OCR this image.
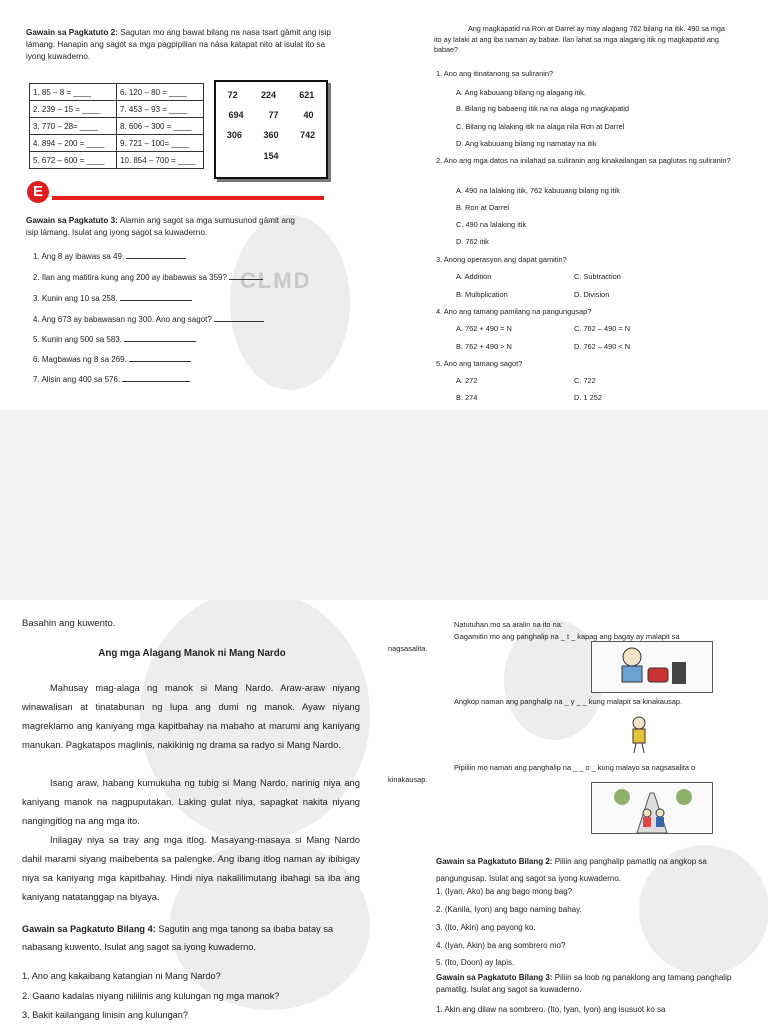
CLMD
Gawain sa Pagkatuto 2: Sagutan mo ang bawat bilang na nasa tsart gāmit ang isip lámang. Hanapin ang sagot sa mga pagpipilian na nása katapat nito at isulat ito sa iyong kuwaderno.
1. 85 – 8 = ____	6. 120 – 80 = ____
2. 239 – 15 = ____	7. 453 – 93 = ____
3. 770 – 28= ____	8. 606 – 300 = ____
4. 894 – 200 = ____	9. 721 – 100= ____
5. 672 – 600 = ____	10. 854 – 700 = ____
72	224	621
694	77	40
306 360 742
154
E
Gawain sa Pagkatuto 3: Alamin ang sagot sa mga sumusunod gāmit ang isip lámang. Isulat ang iyong sagot sa kuwaderno.
1. Ang 8 ay ibawas sa 49.
2. Ilan ang matitira kung ang 200 ay ibabawas sa 359?
3. Kunin ang 10 sa 258.
4. Ang 673 ay babawasan ng 300. Ano ang sagot?
5. Kunin ang 500 sa 583.
6. Magbawas ng 8 sa 269.
7. Alisin ang 400 sa 576.
Ang magkapatid na Ron at Darrel ay may alagang 762 bilang na itik. 490 sa mga ito ay lalaki at ang iba naman ay babae. Ilan lahat sa mga alagang itik ng magkapatid ang babae?
1. Ano ang itinatanong sa suliranin?
A. Ang kabuuang bilang ng alagang itik.
B. Bilang ng babaeng itik na na alaga ng magkapatid
C. Bilang ng lalaking itik na alaga nila Ron at Darrel
D. Ang kabuuang bilang ng namatay na itik
2. Ano ang mga datos na inilahad sa suliranin ang kinakailangan sa paglutas ng suliranin?
A. 490 na lalaking itik, 762 kabuuang bilang ng itik
B. Ron at Darrel
C. 490 na lalaking itik
D. 762 itik
3. Anong operasyon ang dapat gamitin?
A. Addition	C. Subtraction
B. Multiplication	D. Division
4. Ano ang tamang pamilang na pangungusap?
A. 762 + 490 = N	C. 762 – 490 = N
B. 762 + 490 > N	D. 762 – 490 < N
5. Ano ang tamang sagot?
A. 272	C. 722
B. 274	D. 1 252
Basahin ang kuwento.
Ang mga Alagang Manok ni Mang Nardo
Mahusay mag-alaga ng manok si Mang Nardo. Araw-araw niyang winawalisan at tinatabunan ng lupa ang dumi ng manok. Ayaw niyang magreklamo ang kaniyang mga kapitbahay na mabaho at marumi ang kaniyang manukan. Pagkatapos maglinis, nakikinig ng drama sa radyo si Mang Nardo.
Isang araw, habang kumukuha ng tubig si Mang Nardo, narinig niya ang kaniyang manok na nagpuputakan. Laking gulat niya, sapagkat nakita niyang nangingitlog na ang mga ito.
Inilagay niya sa tray ang mga itlog. Masayang-masaya si Mang Nardo dahil marami siyang maibebenta sa palengke. Ang ibang itlog naman ay ibibigay niya sa kaniyang mga kapitbahay. Hindi niya nakalilimutang ibahagi sa iba ang kaniyang natatanggap na biyaya.
Gawain sa Pagkatuto Bilang 4: Sagutin ang mga tanong sa ibaba batay sa nabasang kuwento. Isulat ang sagot sa iyong kuwaderno.
1. Ano ang kakaibang katangian ni Mang Nardo?
2. Gaano kadalas niyang nililinis ang kulungan ng mga manok?
3. Bakit kailangang linisin ang kulungan?
Natutuhan mo sa aralin na ito na:
Gagamitin mo ang panghalip na _ t _ kapag ang bagay ay malapit sa nagsasalita.
Angkop naman ang panghalip na _ y _ _ kung malapit sa kinakausap.
Pipiliin mo naman ang panghalip na _ _ o _ kung malayo sa nagsasalita o kinakausap.
Gawain sa Pagkatuto Bilang 2: Piliin ang panghalip pamatlig na angkop sa pangungusap. Isulat ang sagot sa iyong kuwaderno.
1. (Iyan, Ako) ba ang bago mong bag?
2. (Kanila, Iyon) ang bago naming bahay.
3. (Ito, Akin) ang payong ko.
4. (Iyan, Akin) ba ang sombrero mo?
5. (Ito, Doon) ay lapis.
Gawain sa Pagkatuto Bilang 3: Piliin sa loob ng panaklong ang tamang panghalip pamatlig. Isulat ang sagot sa kuwaderno.
1. Akin ang dilaw na sombrero. (Ito, Iyan, Iyon) ang isusuot ko sa
